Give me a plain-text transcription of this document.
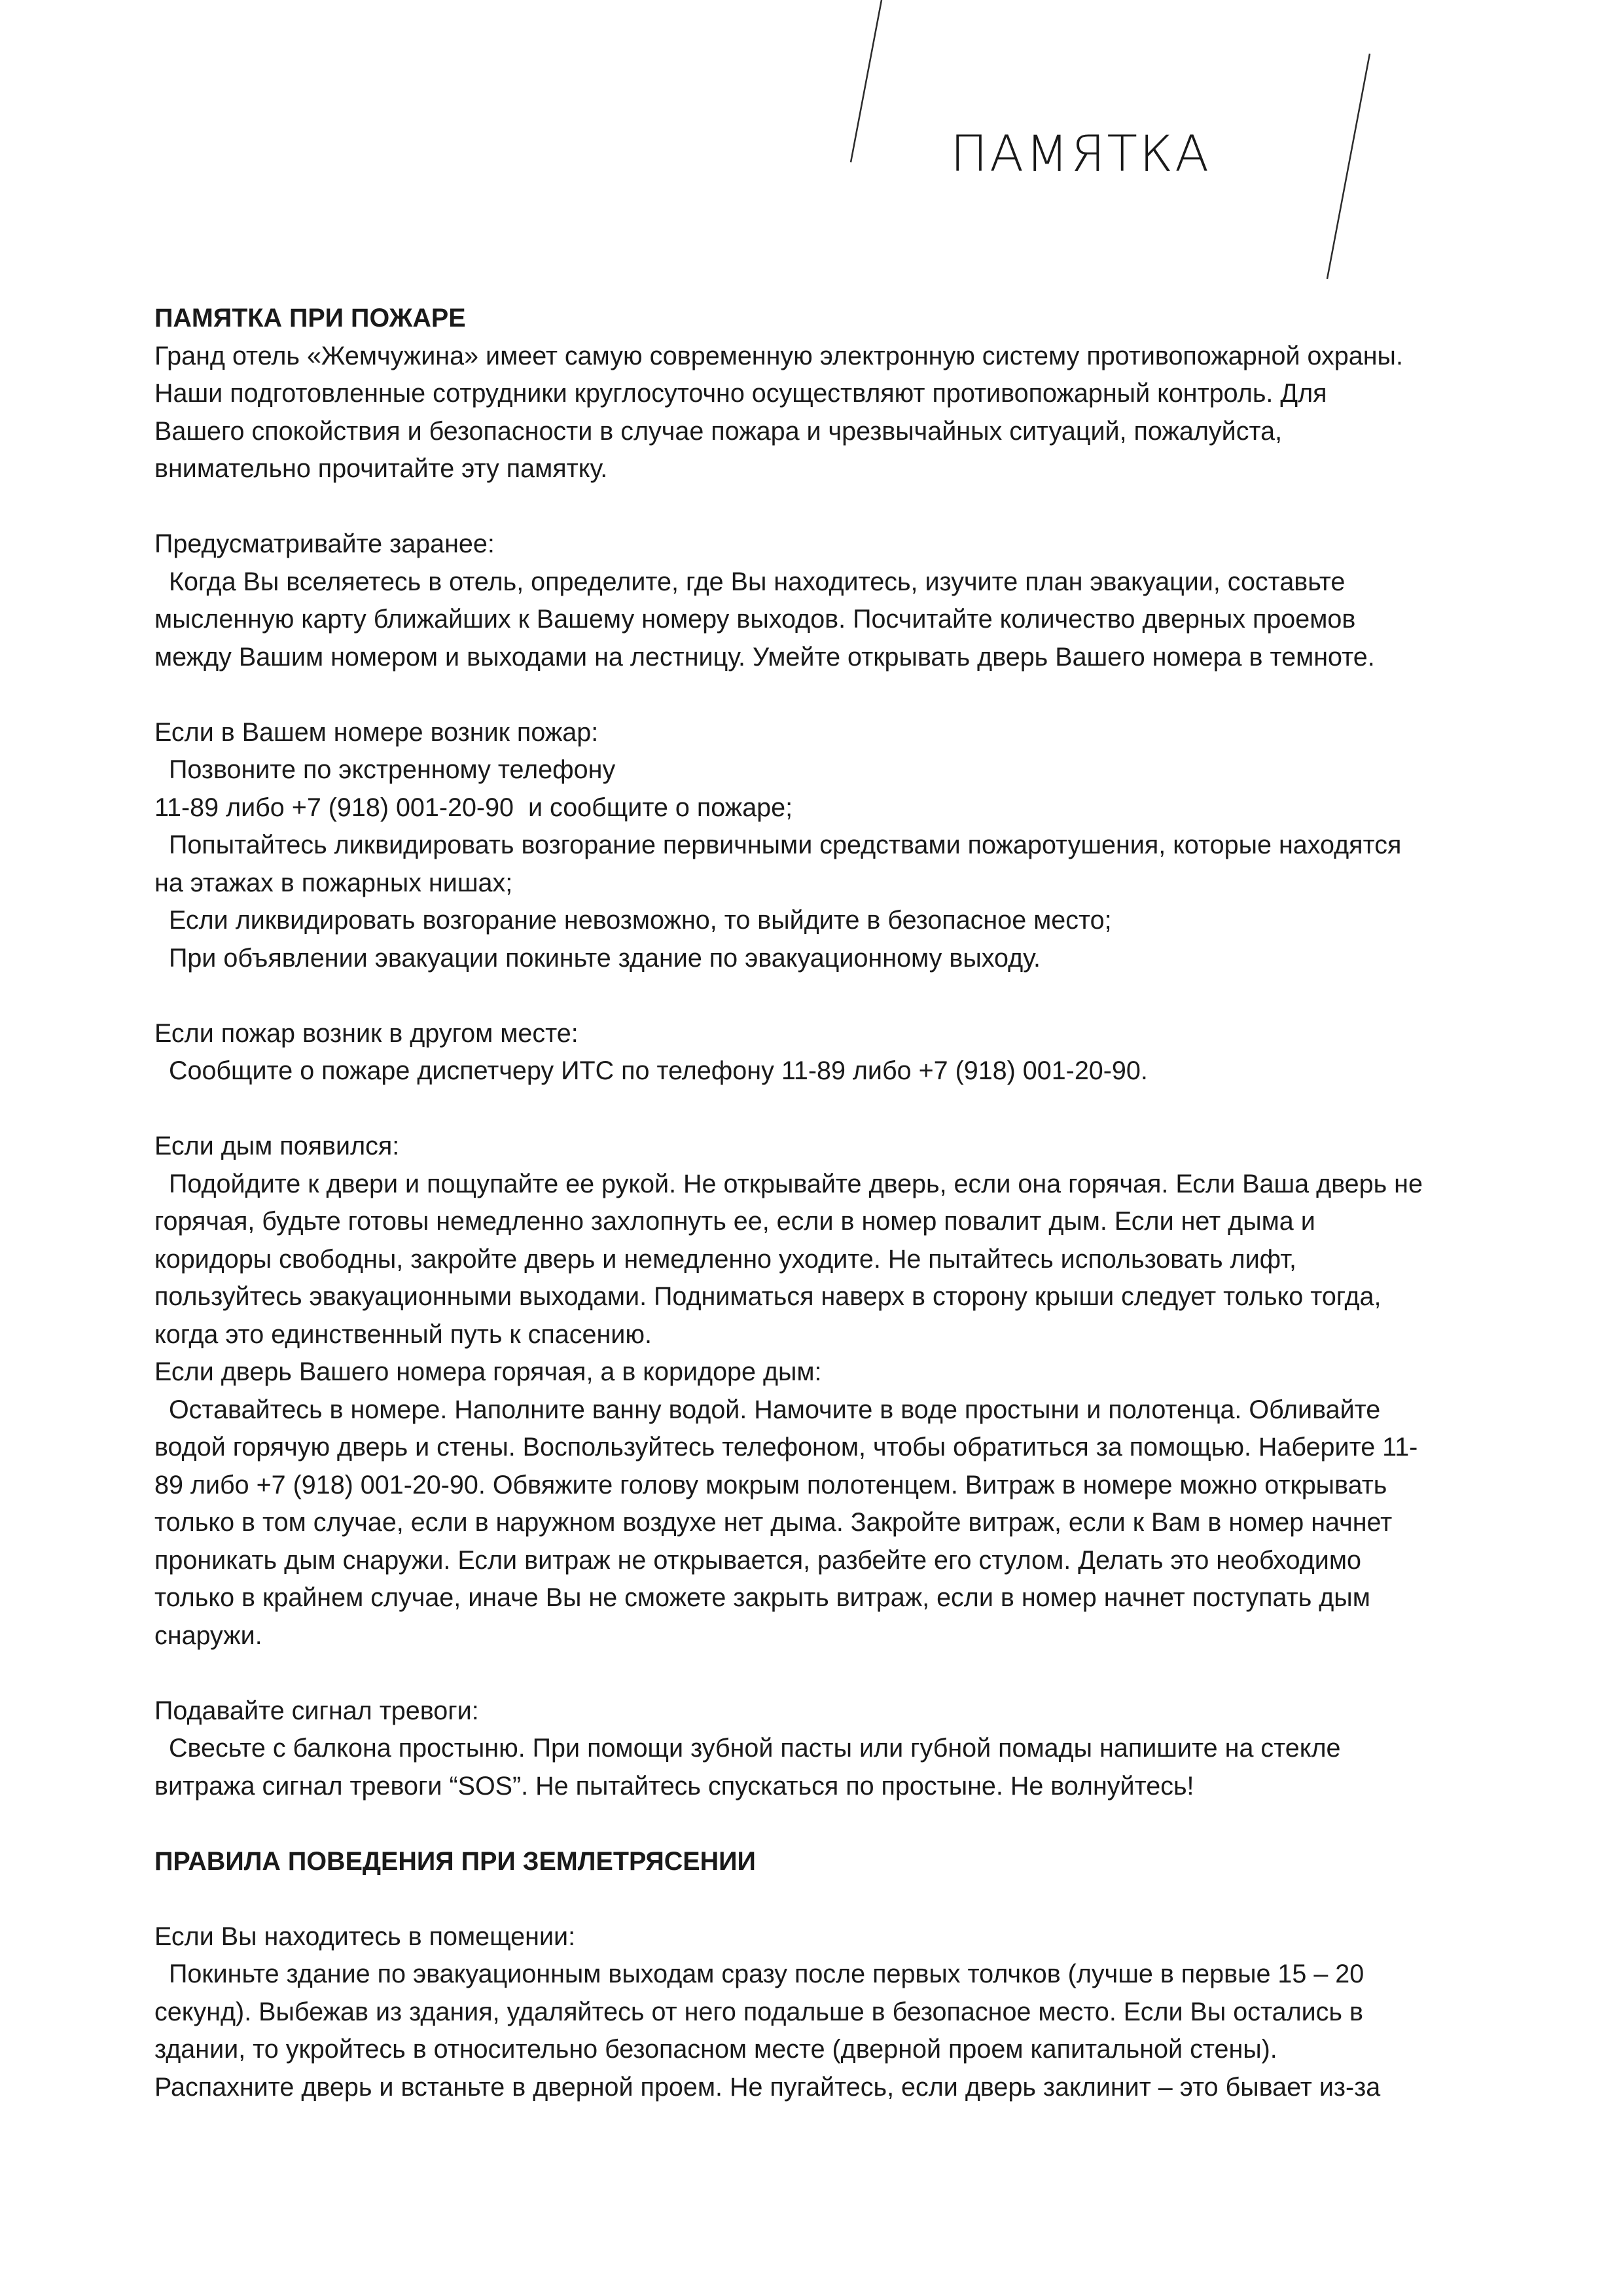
ПАМЯТКА

ПАМЯТКА ПРИ ПОЖАРЕ

Гранд отель «Жемчужина» имеет самую современную электронную систему противопожарной охраны.

Наши подготовленные сотрудники круглосуточно осуществляют противопожарный контроль. Для

Вашего спокойствия и безопасности в случае пожара и чрезвычайных ситуаций, пожалуйста,

внимательно прочитайте эту памятку.

Предусматривайте заранее:

Когда Вы вселяетесь в отель, определите, где Вы находитесь, изучите план эвакуации, составьте

мысленную карту ближайших к Вашему номеру выходов. Посчитайте количество дверных проемов

между Вашим номером и выходами на лестницу. Умейте открывать дверь Вашего номера в темноте.

Если в Вашем номере возник пожар:

Позвоните по экстренному телефону

11-89 либо +7 (918) 001-20-90  и сообщите о пожаре;

Попытайтесь ликвидировать возгорание первичными средствами пожаротушения, которые находятся

на этажах в пожарных нишах;

Если ликвидировать возгорание невозможно, то выйдите в безопасное место;

При объявлении эвакуации покиньте здание по эвакуационному выходу.

Если пожар возник в другом месте:

Сообщите о пожаре диспетчеру ИТС по телефону 11-89 либо +7 (918) 001-20-90.

Если дым появился:

Подойдите к двери и пощупайте ее рукой. Не открывайте дверь, если она горячая. Если Ваша дверь не

горячая, будьте готовы немедленно захлопнуть ее, если в номер повалит дым. Если нет дыма и

коридоры свободны, закройте дверь и немедленно уходите. Не пытайтесь использовать лифт,

пользуйтесь эвакуационными выходами. Подниматься наверх в сторону крыши следует только тогда,

когда это единственный путь к спасению.

Если дверь Вашего номера горячая, а в коридоре дым:

Оставайтесь в номере. Наполните ванну водой. Намочите в воде простыни и полотенца. Обливайте

водой горячую дверь и стены. Воспользуйтесь телефоном, чтобы обратиться за помощью. Наберите 11-

89 либо +7 (918) 001-20-90. Обвяжите голову мокрым полотенцем. Витраж в номере можно открывать

только в том случае, если в наружном воздухе нет дыма. Закройте витраж, если к Вам в номер начнет

проникать дым снаружи. Если витраж не открывается, разбейте его стулом. Делать это необходимо

только в крайнем случае, иначе Вы не сможете закрыть витраж, если в номер начнет поступать дым

снаружи.

Подавайте сигнал тревоги:

Свесьте с балкона простыню. При помощи зубной пасты или губной помады напишите на стекле

витража сигнал тревоги “SOS”. Не пытайтесь спускаться по простыне. Не волнуйтесь!

ПРАВИЛА ПОВЕДЕНИЯ ПРИ ЗЕМЛЕТРЯСЕНИИ

Если Вы находитесь в помещении:

Покиньте здание по эвакуационным выходам сразу после первых толчков (лучше в первые 15 – 20

секунд). Выбежав из здания, удаляйтесь от него подальше в безопасное место. Если Вы остались в

здании, то укройтесь в относительно безопасном месте (дверной проем капитальной стены).

Распахните дверь и встаньте в дверной проем. Не пугайтесь, если дверь заклинит – это бывает из-за
